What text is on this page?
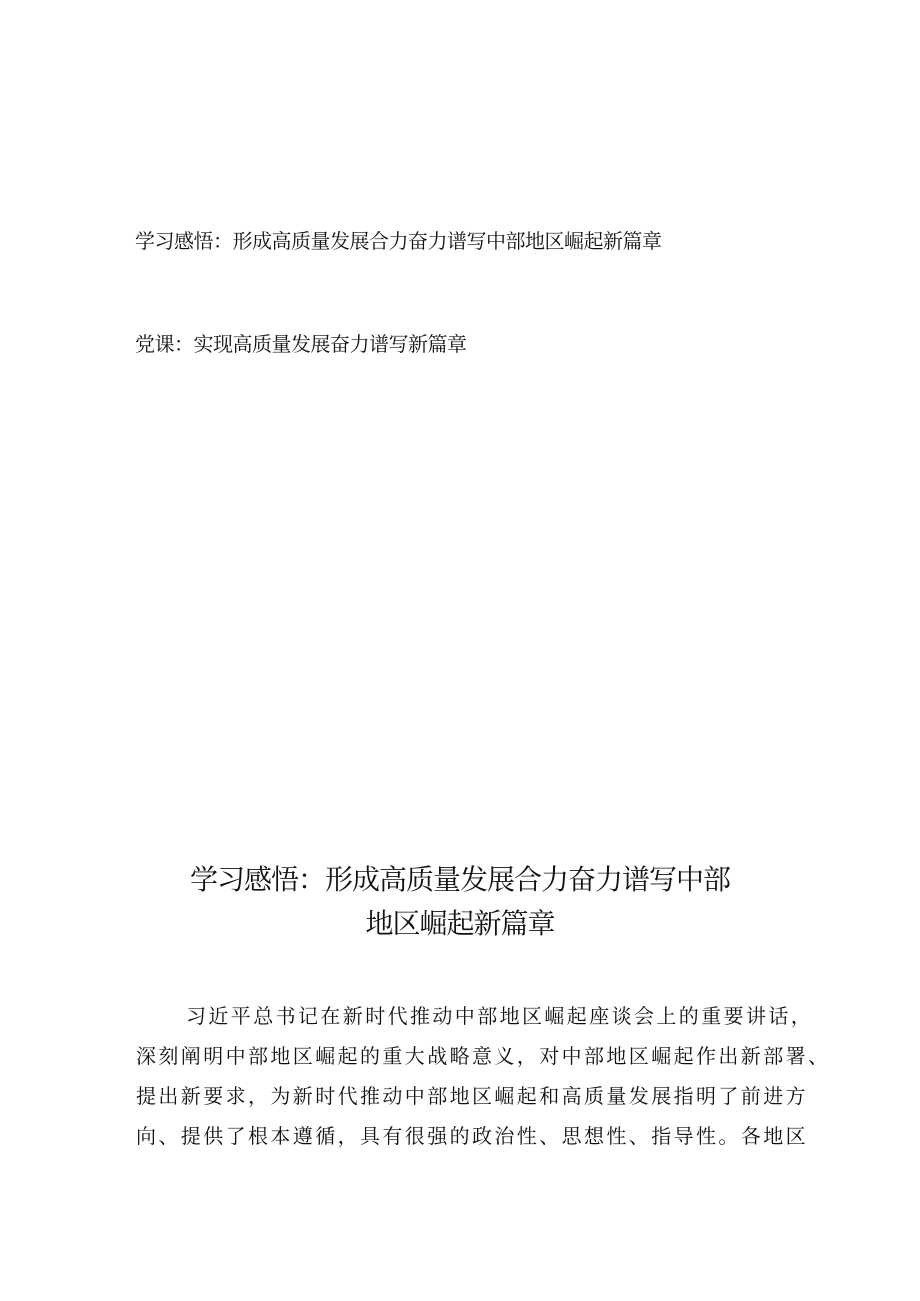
学习感悟：形成高质量发展合力奋力谱写中部地区崛起新篇章
党课：实现高质量发展奋力谱写新篇章
学习感悟：形成高质量发展合力奋力谱写中部
地区崛起新篇章
习近平总书记在新时代推动中部地区崛起座谈会上的重要讲话，
深刻阐明中部地区崛起的重大战略意义，对中部地区崛起作出新部署、
提出新要求，为新时代推动中部地区崛起和高质量发展指明了前进方
向、提供了根本遵循，具有很强的政治性、思想性、指导性。各地区
